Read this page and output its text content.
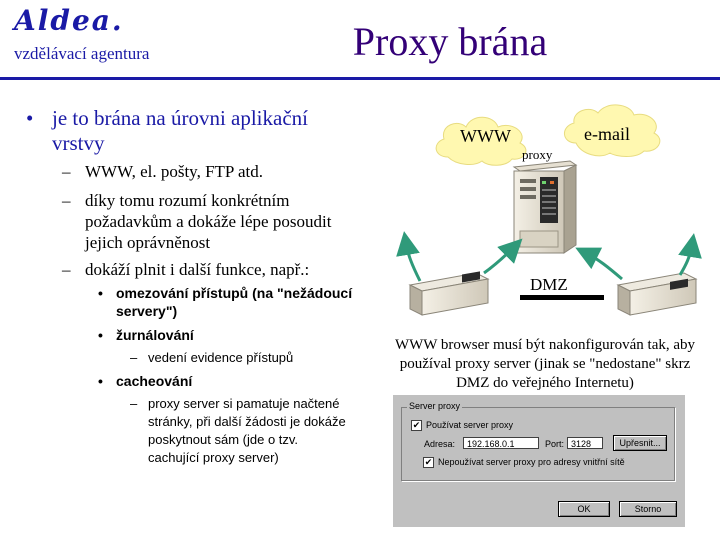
Aldea.
vzdělávací agentura	Proxy brána
• je to brána na úrovni aplikační
vrstvy
– WWW, el. pošty, FTP atd.
– díky tomu rozumí konkrétním
požadavkům a dokáže lépe posoudit
jejich oprávněnost
– dokáží plnit i další funkce, např.:
• omezování přístupů (na "nežádoucí
servery")
• žurnálování
– vedení evidence přístupů
• cacheování
– proxy server si pamatuje načtené
stránky, při další žádosti je dokáže
poskytnout sám (jde o tzv.
cachující proxy server)
WWW	e-mail
proxy
DMZ
WWW browser musí být nakonfigurován tak, aby
používal proxy server (jinak se "nedostane" skrz
DMZ do veřejného Internetu)
Server proxy
✔ Používat server proxy
Adresa:	192.168.0.1	Port: 3128	Upřesnit...
✔ Nepoužívat server proxy pro adresy vnitřní sítě
OK	Storno
